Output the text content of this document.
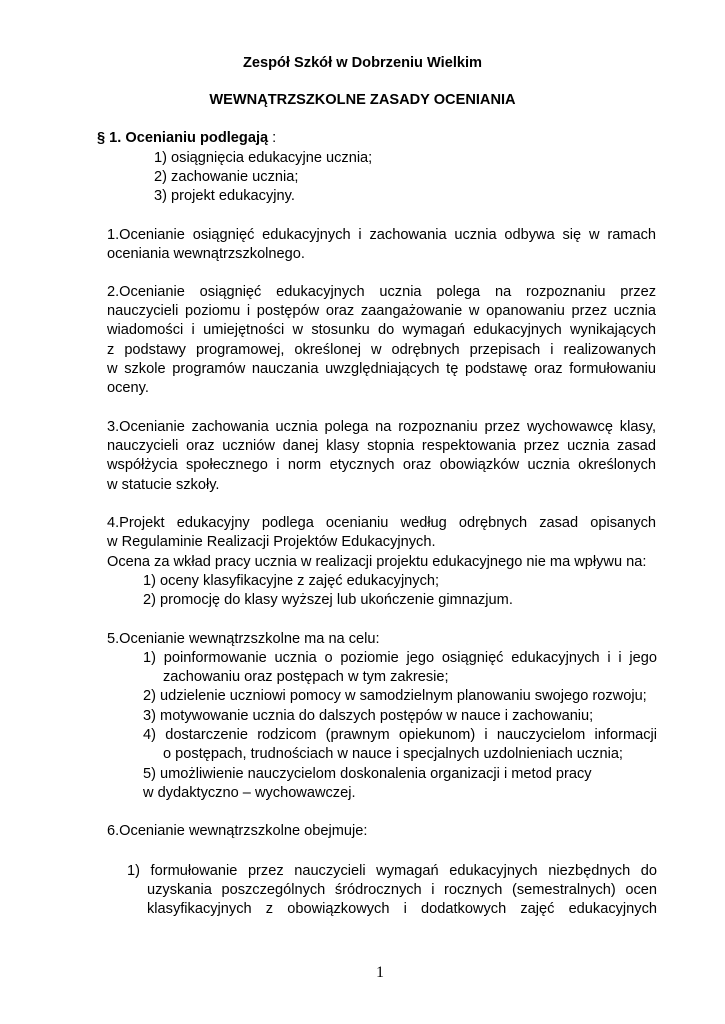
Zespół Szkół w Dobrzeniu Wielkim
WEWNĄTRZSZKOLNE ZASADY OCENIANIA
§ 1. Ocenianiu podlegają :
1) osiągnięcia edukacyjne ucznia;
2) zachowanie ucznia;
3) projekt edukacyjny.
1.Ocenianie osiągnięć edukacyjnych i zachowania ucznia odbywa się w ramach
oceniania wewnątrzszkolnego.
2.Ocenianie osiągnięć edukacyjnych ucznia polega na rozpoznaniu przez
nauczycieli poziomu i postępów oraz zaangażowanie w opanowaniu przez ucznia
wiadomości i umiejętności w stosunku do wymagań edukacyjnych wynikających
z podstawy programowej, określonej w odrębnych przepisach i realizowanych
w szkole programów nauczania uwzględniających tę podstawę oraz formułowaniu
oceny.
3.Ocenianie zachowania ucznia polega na rozpoznaniu przez wychowawcę klasy,
nauczycieli oraz uczniów danej klasy stopnia respektowania przez ucznia zasad
współżycia społecznego i norm etycznych oraz obowiązków ucznia określonych
w statucie szkoły.
4.Projekt edukacyjny podlega ocenianiu według odrębnych zasad opisanych
w Regulaminie Realizacji Projektów Edukacyjnych.
Ocena za wkład pracy ucznia w realizacji projektu edukacyjnego nie ma wpływu na:
1) oceny klasyfikacyjne z zajęć edukacyjnych;
2) promocję do klasy wyższej lub ukończenie gimnazjum.
5.Ocenianie wewnątrzszkolne ma na celu:
1) poinformowanie ucznia o poziomie jego osiągnięć edukacyjnych i i jego
zachowaniu oraz postępach w tym zakresie;
2) udzielenie uczniowi pomocy w samodzielnym planowaniu swojego rozwoju;
3) motywowanie ucznia do dalszych postępów w nauce i zachowaniu;
4) dostarczenie rodzicom (prawnym opiekunom) i nauczycielom informacji
o postępach, trudnościach w nauce i specjalnych uzdolnieniach ucznia;
5) umożliwienie nauczycielom doskonalenia organizacji i metod pracy
w dydaktyczno – wychowawczej.
6.Ocenianie wewnątrzszkolne obejmuje:
1) formułowanie przez nauczycieli wymagań edukacyjnych niezbędnych do
uzyskania poszczególnych śródrocznych i rocznych (semestralnych) ocen
klasyfikacyjnych z obowiązkowych i dodatkowych zajęć edukacyjnych
1
